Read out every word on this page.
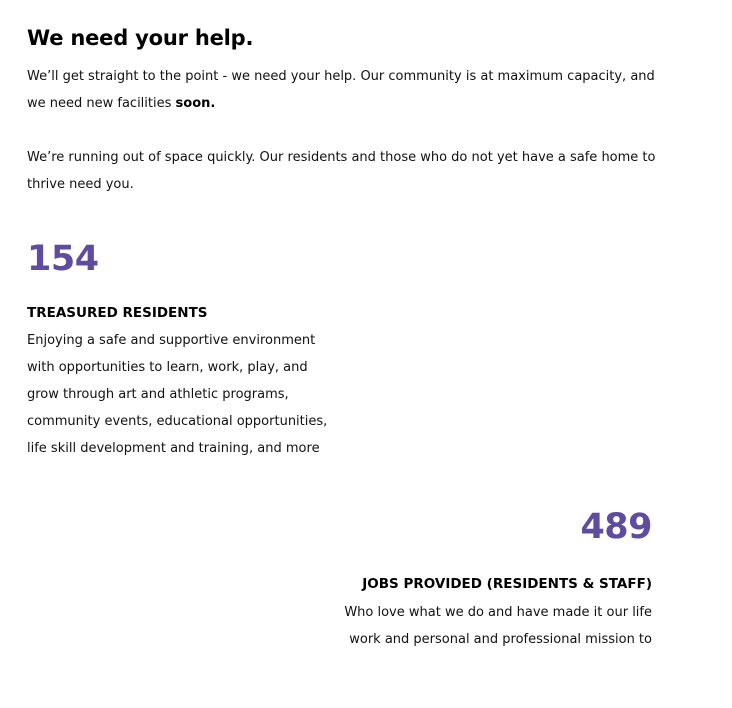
We need your help.

We’ll get straight to the point - we need your help. Our community is at maximum capacity, and we need new facilities soon.

We’re running out of space quickly. Our residents and those who do not yet have a safe home to thrive need you.

154
TREASURED RESIDENTS
Enjoying a safe and supportive environment with opportunities to learn, work, play, and grow through art and athletic programs, community events, educational opportunities, life skill development and training, and more
489
JOBS PROVIDED (RESIDENTS & STAFF)
Who love what we do and have made it our life work and personal and professional mission to
